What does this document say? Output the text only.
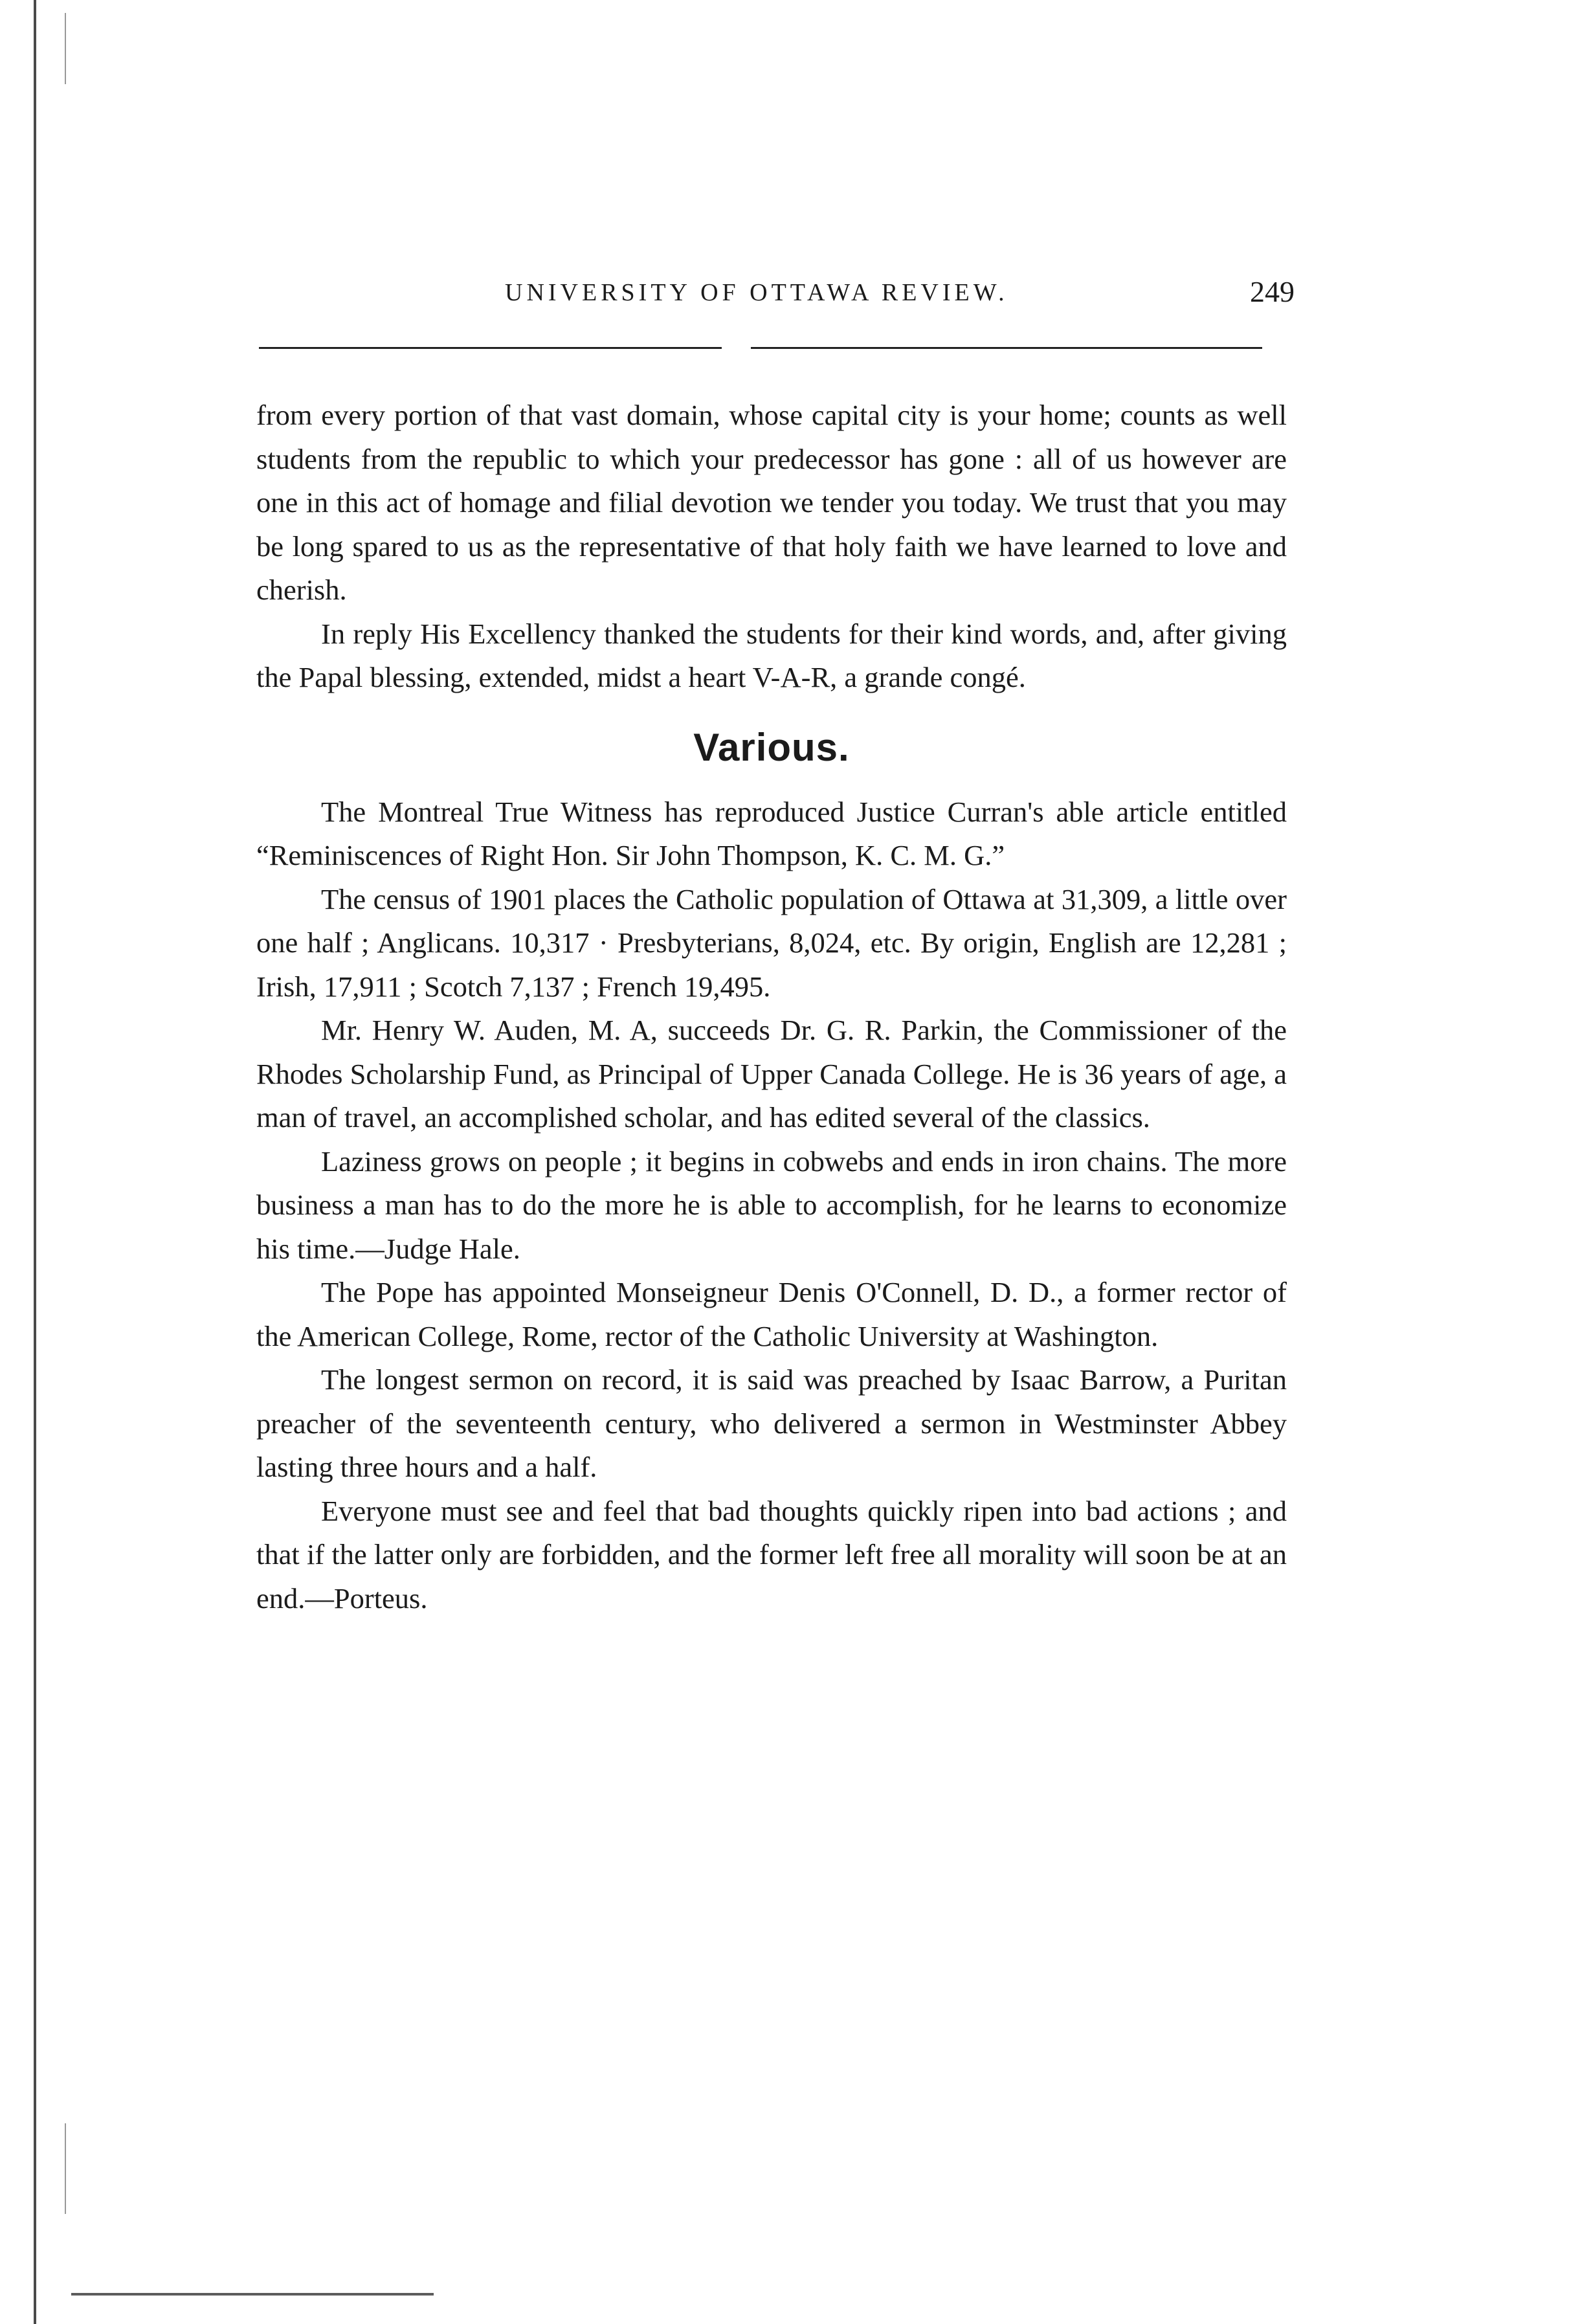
UNIVERSITY OF OTTAWA REVIEW.	249

from every portion of that vast domain, whose capital city is your home; counts as well students from the republic to which your predecessor has gone : all of us however are one in this act of homage and filial devotion we tender you today. We trust that you may be long spared to us as the representative of that holy faith we have learned to love and cherish.

In reply His Excellency thanked the students for their kind words, and, after giving the Papal blessing, extended, midst a heart V-A-R, a grande congé.

Various.

The Montreal True Witness has reproduced Justice Curran's able article entitled “Reminiscences of Right Hon. Sir John Thompson, K. C. M. G.”

The census of 1901 places the Catholic population of Ottawa at 31,309, a little over one half ; Anglicans. 10,317 · Presbyterians, 8,024, etc. By origin, English are 12,281 ; Irish, 17,911 ; Scotch 7,137 ; French 19,495.

Mr. Henry W. Auden, M. A, succeeds Dr. G. R. Parkin, the Commissioner of the Rhodes Scholarship Fund, as Principal of Upper Canada College. He is 36 years of age, a man of travel, an accomplished scholar, and has edited several of the classics.

Laziness grows on people ; it begins in cobwebs and ends in iron chains. The more business a man has to do the more he is able to accomplish, for he learns to economize his time.—Judge Hale.

The Pope has appointed Monseigneur Denis O'Connell, D. D., a former rector of the American College, Rome, rector of the Catholic University at Washington.

The longest sermon on record, it is said was preached by Isaac Barrow, a Puritan preacher of the seventeenth century, who delivered a sermon in Westminster Abbey lasting three hours and a half.

Everyone must see and feel that bad thoughts quickly ripen into bad actions ; and that if the latter only are forbidden, and the former left free all morality will soon be at an end.—Porteus.
